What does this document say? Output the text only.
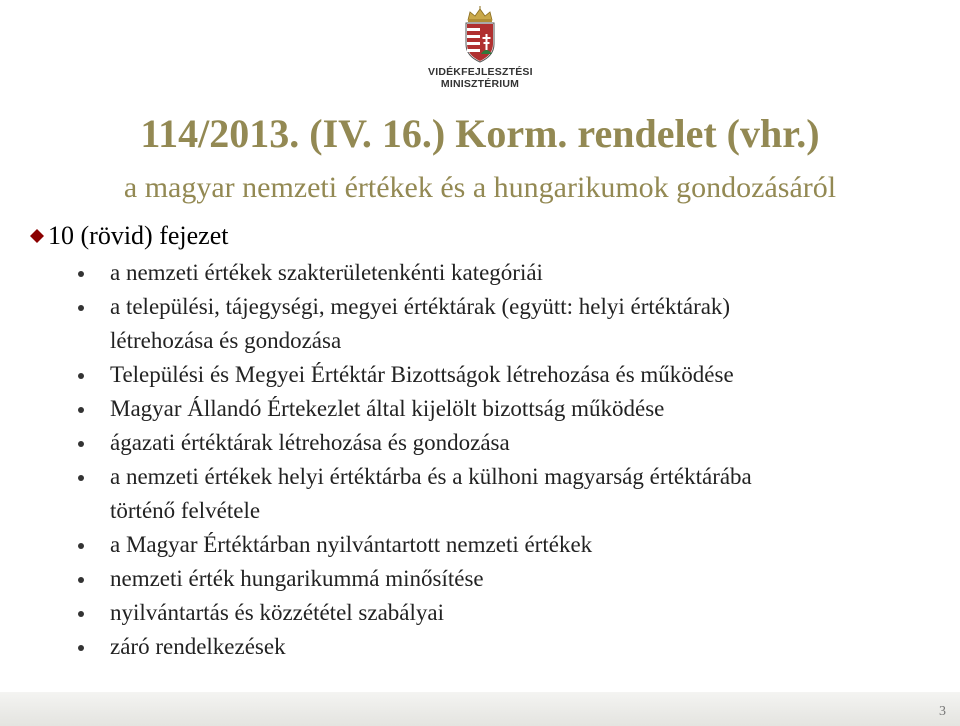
VIDÉKFEJLESZTÉSI
MINISZTÉRIUM
114/2013. (IV. 16.) Korm. rendelet (vhr.)
a magyar nemzeti értékek és a hungarikumok gondozásáról
10 (rövid) fejezet
a nemzeti értékek szakterületenkénti kategóriái
a települési, tájegységi, megyei értéktárak (együtt: helyi értéktárak)
létrehozása és gondozása
Települési és Megyei Értéktár Bizottságok létrehozása és működése
Magyar Állandó Értekezlet által kijelölt bizottság működése
ágazati értéktárak létrehozása és gondozása
a nemzeti értékek helyi értéktárba és a külhoni magyarság értéktárába
történő felvétele
a Magyar Értéktárban nyilvántartott nemzeti értékek
nemzeti érték hungarikummá minősítése
nyilvántartás és közzététel szabályai
záró rendelkezések
3
